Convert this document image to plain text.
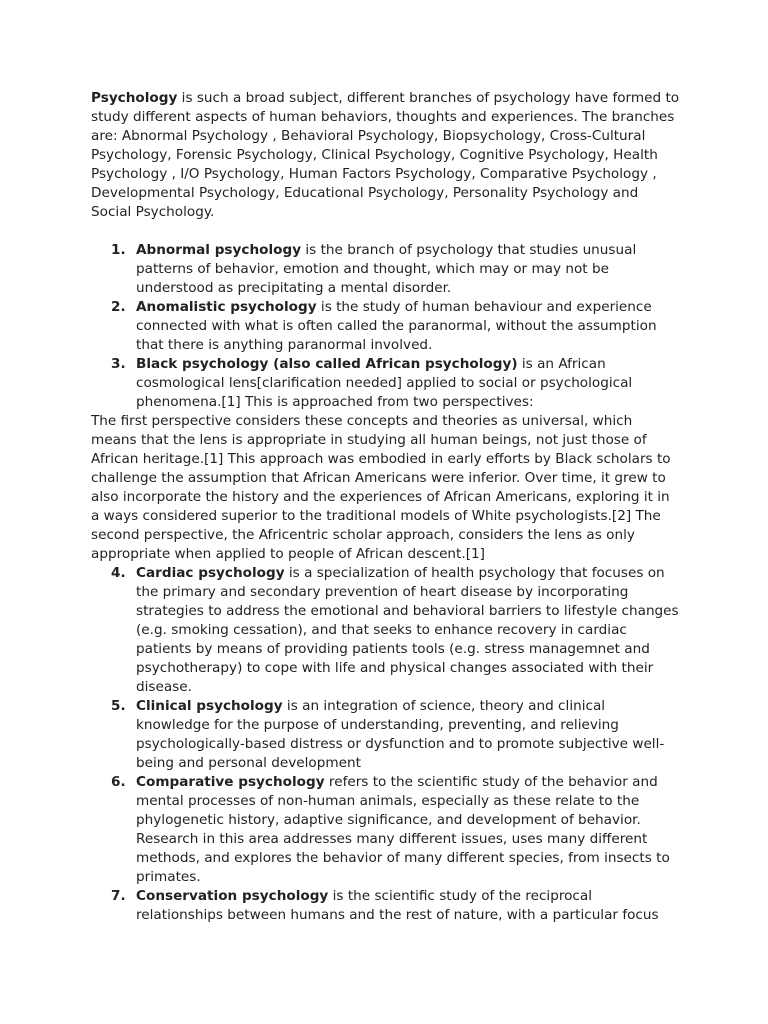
Psychology is such a broad subject, different branches of psychology have formed to study different aspects of human behaviors, thoughts and experiences. The branches are: Abnormal Psychology , Behavioral Psychology, Biopsychology, Cross-Cultural Psychology, Forensic Psychology, Clinical Psychology, Cognitive Psychology, Health Psychology , I/O Psychology, Human Factors Psychology, Comparative Psychology , Developmental Psychology, Educational Psychology, Personality Psychology and Social Psychology.

1. Abnormal psychology is the branch of psychology that studies unusual patterns of behavior, emotion and thought, which may or may not be understood as precipitating a mental disorder.
2. Anomalistic psychology is the study of human behaviour and experience connected with what is often called the paranormal, without the assumption that there is anything paranormal involved.
3. Black psychology (also called African psychology) is an African cosmological lens[clarification needed] applied to social or psychological phenomena.[1] This is approached from two perspectives:

The first perspective considers these concepts and theories as universal, which means that the lens is appropriate in studying all human beings, not just those of African heritage.[1] This approach was embodied in early efforts by Black scholars to challenge the assumption that African Americans were inferior. Over time, it grew to also incorporate the history and the experiences of African Americans, exploring it in a ways considered superior to the traditional models of White psychologists.[2] The second perspective, the Africentric scholar approach, considers the lens as only appropriate when applied to people of African descent.[1]

4. Cardiac psychology is a specialization of health psychology that focuses on the primary and secondary prevention of heart disease by incorporating strategies to address the emotional and behavioral barriers to lifestyle changes (e.g. smoking cessation), and that seeks to enhance recovery in cardiac patients by means of providing patients tools (e.g. stress managemnet and psychotherapy) to cope with life and physical changes associated with their disease.
5. Clinical psychology is an integration of science, theory and clinical knowledge for the purpose of understanding, preventing, and relieving psychologically-based distress or dysfunction and to promote subjective well-being and personal development
6. Comparative psychology refers to the scientific study of the behavior and mental processes of non-human animals, especially as these relate to the phylogenetic history, adaptive significance, and development of behavior. Research in this area addresses many different issues, uses many different methods, and explores the behavior of many different species, from insects to primates.
7. Conservation psychology is the scientific study of the reciprocal relationships between humans and the rest of nature, with a particular focus
